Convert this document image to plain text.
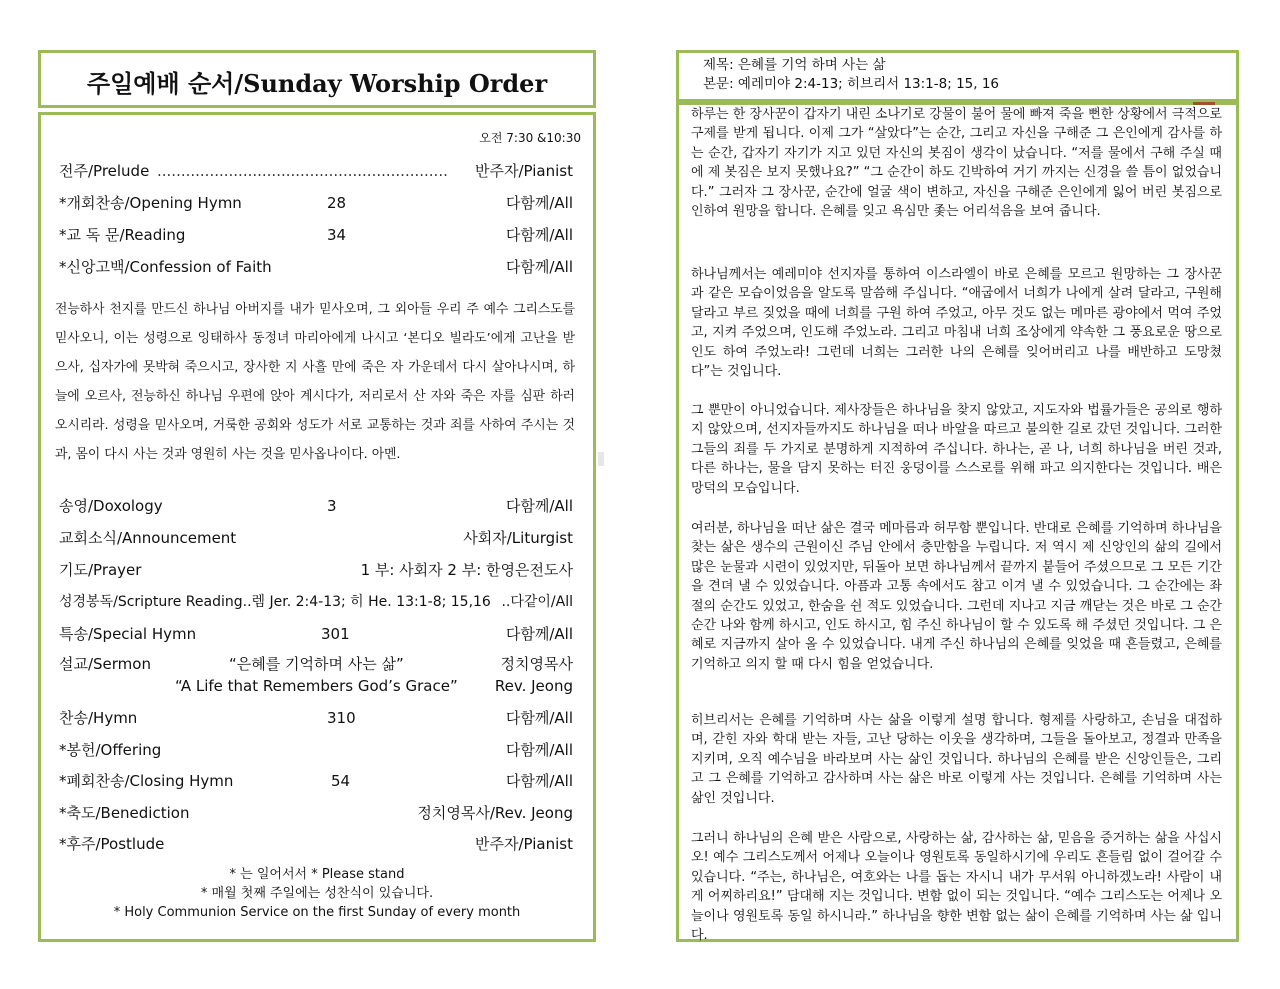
주일예배 순서/Sunday Worship Order
오전 7:30 &10:30
전주/Prelude	반주자/Pianist
.............................................................
*개회찬송/Opening Hymn	28	다함께/All
*교 독 문/Reading	34	다함께/All
*신앙고백/Confession of Faith	다함께/All
전능하사 천지를 만드신 하나님 아버지를 내가 믿사오며, 그 외아들 우리 주 예수 그리스도를 믿사오니, 이는 성령으로 잉태하사 동정녀 마리아에게 나시고 ‘본디오 빌라도’에게 고난을 받으사, 십자가에 못박혀 죽으시고, 장사한 지 사흘 만에 죽은 자 가운데서 다시 살아나시며, 하늘에 오르사, 전능하신 하나님 우편에 앉아 계시다가, 저리로서 산 자와 죽은 자를 심판 하러 오시리라. 성령을 믿사오며, 거룩한 공회와 성도가 서로 교통하는 것과 죄를 사하여 주시는 것과, 몸이 다시 사는 것과 영원히 사는 것을 믿사옵나이다. 아멘.
송영/Doxology	3	다함께/All
교회소식/Announcement	사회자/Liturgist
기도/Prayer	1 부: 사회자 2 부: 한영은전도사
성경봉독/Scripture Reading..렘 Jer. 2:4-13; 히 He. 13:1-8; 15,16 ..다같이/All
특송/Special Hymn	301	다함께/All
설교/Sermon	“은혜를 기억하며 사는 삶”	정치영목사
“A Life that Remembers God’s Grace” Rev. Jeong
찬송/Hymn	310	다함께/All
*봉헌/Offering	다함께/All
*폐회찬송/Closing Hymn	54	다함께/All
*축도/Benediction	정치영목사/Rev. Jeong
*후주/Postlude	반주자/Pianist
* 는 일어서서 * Please stand
* 매월 첫째 주일에는 성찬식이 있습니다.
* Holy Communion Service on the first Sunday of every month
제목: 은혜를 기억 하며 사는 삶
본문: 예레미야 2:4-13; 히브리서 13:1-8; 15, 16
하루는 한 장사꾼이 갑자기 내린 소나기로 강물이 불어 물에 빠져 죽을 뻔한 상황에서 극적으로 구제를 받게 됩니다. 이제 그가 “살았다”는 순간, 그리고 자신을 구해준 그 은인에게 감사를 하는 순간, 갑자기 자기가 지고 있던 자신의 봇짐이 생각이 났습니다. “저를 물에서 구해 주실 때에 제 봇짐은 보지 못했나요?” “그 순간이 하도 긴박하여 거기 까지는 신경을 쓸 틈이 없었습니다.” 그러자 그 장사꾼, 순간에 얼굴 색이 변하고, 자신을 구해준 은인에게 잃어 버린 봇짐으로 인하여 원망을 합니다. 은혜를 잊고 욕심만 좇는 어리석음을 보여 줍니다.
하나님께서는 예레미야 선지자를 통하여 이스라엘이 바로 은혜를 모르고 원망하는 그 장사꾼과 같은 모습이었음을 알도록 말씀해 주십니다. “애굽에서 너희가 나에게 살려 달라고, 구원해 달라고 부르 짖었을 때에 너희를 구원 하여 주었고, 아무 것도 없는 메마른 광야에서 먹여 주었고, 지켜 주었으며, 인도해 주었노라. 그리고 마침내 너희 조상에게 약속한 그 풍요로운 땅으로 인도 하여 주었노라! 그런데 너희는 그러한 나의 은혜를 잊어버리고 나를 배반하고 도망쳤다”는 것입니다.
그 뿐만이 아니었습니다. 제사장들은 하나님을 찾지 않았고, 지도자와 법률가들은 공의로 행하지 않았으며, 선지자들까지도 하나님을 떠나 바알을 따르고 불의한 길로 갔던 것입니다. 그러한 그들의 죄를 두 가지로 분명하게 지적하여 주십니다. 하나는, 곧 나, 너희 하나님을 버린 것과, 다른 하나는, 물을 담지 못하는 터진 웅덩이를 스스로를 위해 파고 의지한다는 것입니다. 배은망덕의 모습입니다.
여러분, 하나님을 떠난 삶은 결국 메마름과 허무함 뿐입니다. 반대로 은혜를 기억하며 하나님을 찾는 삶은 생수의 근원이신 주님 안에서 충만함을 누립니다. 저 역시 제 신앙인의 삶의 길에서 많은 눈물과 시련이 있었지만, 뒤돌아 보면 하나님께서 끝까지 붙들어 주셨으므로 그 모든 기간을 견뎌 낼 수 있었습니다. 아픔과 고통 속에서도 참고 이겨 낼 수 있었습니다. 그 순간에는 좌절의 순간도 있었고, 한숨을 쉰 적도 있었습니다. 그런데 지나고 지금 깨닫는 것은 바로 그 순간 순간 나와 함께 하시고, 인도 하시고, 힘 주신 하나님이 할 수 있도록 해 주셨던 것입니다. 그 은혜로 지금까지 살아 올 수 있었습니다. 내게 주신 하나님의 은혜를 잊었을 때 흔들렸고, 은혜를 기억하고 의지 할 때 다시 힘을 얻었습니다.
히브리서는 은혜를 기억하며 사는 삶을 이렇게 설명 합니다. 형제를 사랑하고, 손님을 대접하며, 갇힌 자와 학대 받는 자들, 고난 당하는 이웃을 생각하며, 그들을 돌아보고, 정결과 만족을 지키며, 오직 예수님을 바라보며 사는 삶인 것입니다. 하나님의 은혜를 받은 신앙인들은, 그리고 그 은혜를 기억하고 감사하며 사는 삶은 바로 이렇게 사는 것입니다. 은혜를 기억하며 사는 삶인 것입니다.
그러니 하나님의 은혜 받은 사람으로, 사랑하는 삶, 감사하는 삶, 믿음을 증거하는 삶을 사십시오! 예수 그리스도께서 어제나 오늘이나 영원토록 동일하시기에 우리도 흔들림 없이 걸어갈 수 있습니다. “주는, 하나님은, 여호와는 나를 돕는 자시니 내가 무서워 아니하겠노라! 사람이 내게 어찌하리요!” 담대해 지는 것입니다. 변함 없이 되는 것입니다. “예수 그리스도는 어제나 오늘이나 영원토록 동일 하시니라.” 하나님을 향한 변함 없는 삶이 은혜를 기억하며 사는 삶 입니다.
